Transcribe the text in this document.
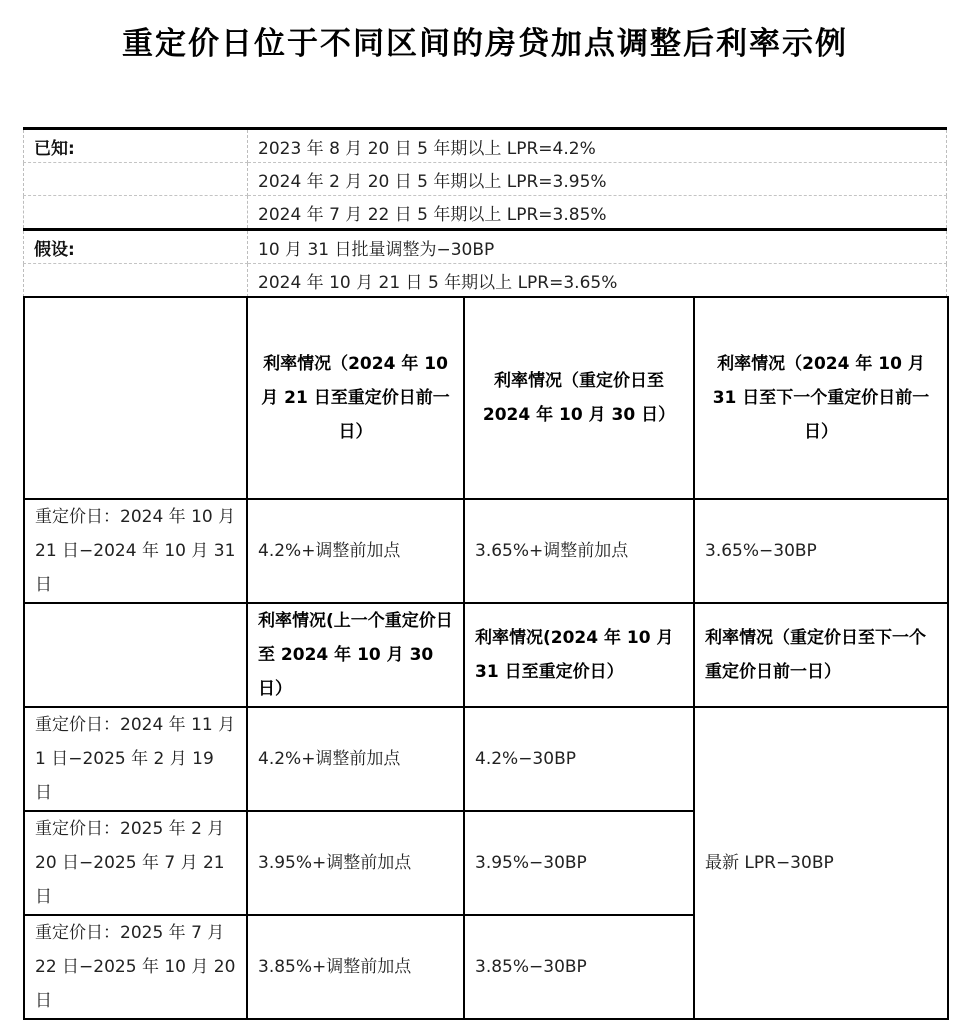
重定价日位于不同区间的房贷加点调整后利率示例
已知:	2023 年 8 月 20 日 5 年期以上 LPR=4.2%
	2024 年 2 月 20 日 5 年期以上 LPR=3.95%
	2024 年 7 月 22 日 5 年期以上 LPR=3.85%
假设:	10 月 31 日批量调整为−30BP
	2024 年 10 月 21 日 5 年期以上 LPR=3.65%
	利率情况（2024 年 10 月 21 日至重定价日前一日）	利率情况（重定价日至 2024 年 10 月 30 日）	利率情况（2024 年 10 月 31 日至下一个重定价日前一日）
重定价日：2024 年 10 月 21 日−2024 年 10 月 31 日	4.2%+调整前加点	3.65%+调整前加点	3.65%−30BP
	利率情况(上一个重定价日至 2024 年 10 月 30 日）	利率情况(2024 年 10 月 31 日至重定价日）	利率情况（重定价日至下一个重定价日前一日）
重定价日：2024 年 11 月 1 日−2025 年 2 月 19 日	4.2%+调整前加点	4.2%−30BP	最新 LPR−30BP
重定价日：2025 年 2 月 20 日−2025 年 7 月 21 日	3.95%+调整前加点	3.95%−30BP	
重定价日：2025 年 7 月 22 日−2025 年 10 月 20 日	3.85%+调整前加点	3.85%−30BP	
